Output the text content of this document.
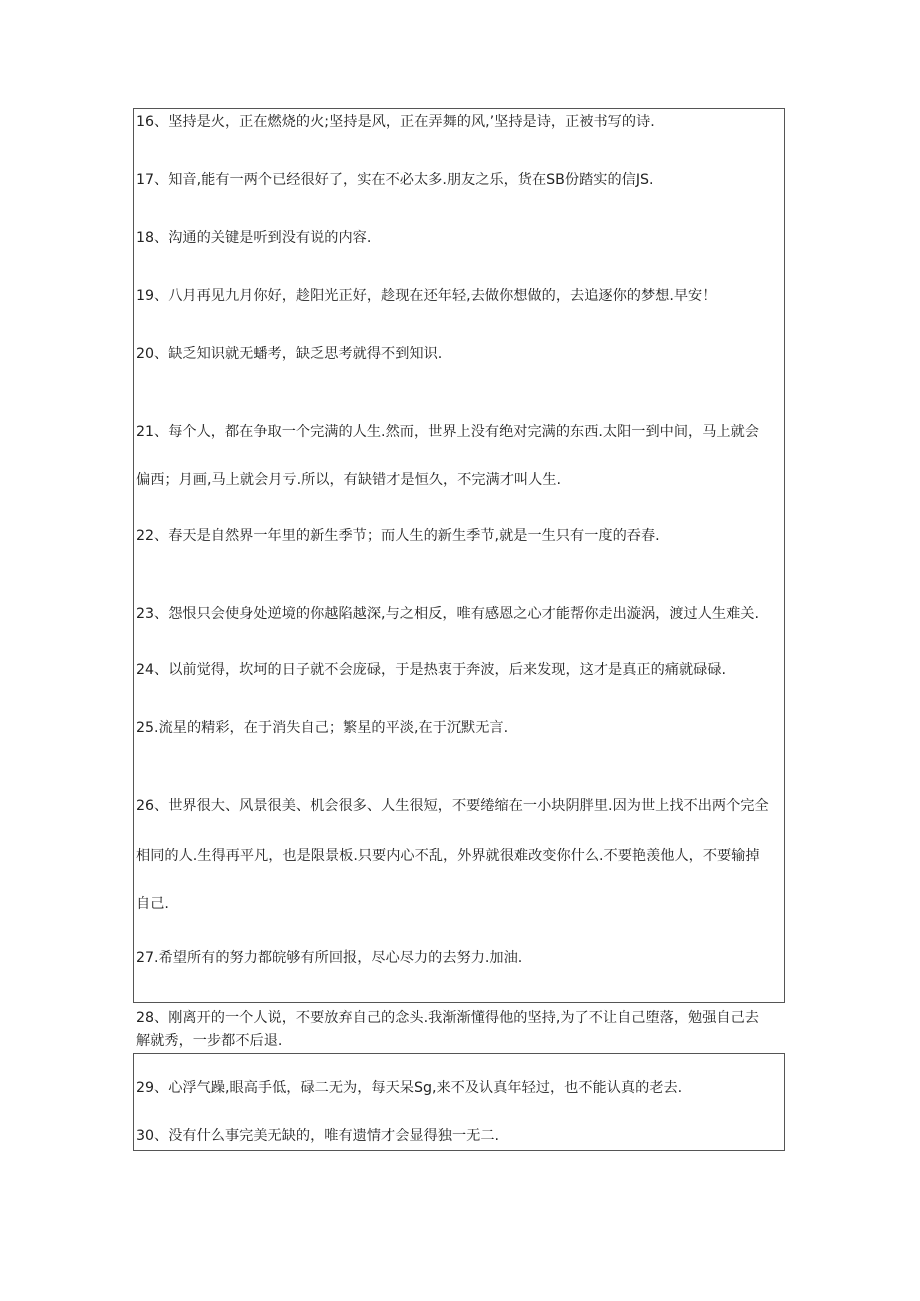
16、坚持是火，正在燃烧的火;坚持是风，正在弄舞的风,’坚持是诗，正被书写的诗.
17、知音,能有一两个已经很好了，实在不必太多.朋友之乐，货在SB份踏实的信JS.
18、沟通的关键是听到没有说的内容.
19、八月再见九月你好，趁阳光正好，趁现在还年轻,去做你想做的，去追逐你的梦想.早安！
20、缺乏知识就无蟠考，缺乏思考就得不到知识.
21、每个人，都在争取一个完满的人生.然而，世界上没有绝对完满的东西.太阳一到中间，马上就会
偏西；月画,马上就会月亏.所以，有缺错才是恒久，不完满才叫人生.
22、春天是自然界一年里的新生季节；而人生的新生季节,就是一生只有一度的吞春.
23、怨恨只会使身处逆境的你越陷越深,与之相反，唯有感恩之心才能帮你走出漩涡，渡过人生难关.
24、以前觉得，坎坷的日子就不会庞碌，于是热衷于奔波，后来发现，这才是真正的痛就碌碌.
25.流星的精彩，在于消失自己；繁星的平淡,在于沉默无言.
26、世界很大、风景很美、机会很多、人生很短，不要绻缩在一小块阴胖里.因为世上找不出两个完全
相同的人.生得再平凡，也是限景板.只要内心不乱，外界就很难改变你什么.不要艳羡他人，不要输掉
自己.
27.希望所有的努力都皖够有所回报，尽心尽力的去努力.加油.
28、刚离开的一个人说，不要放弃自己的念头.我渐渐懂得他的坚持,为了不让自己堕落，勉强自己去
解就秀，一步都不后退.
29、心浮气躁,眼高手低，碌二无为，每天呆Sg,来不及认真年轻过，也不能认真的老去.
30、没有什么事完美无缺的，唯有遗情才会显得独一无二.
